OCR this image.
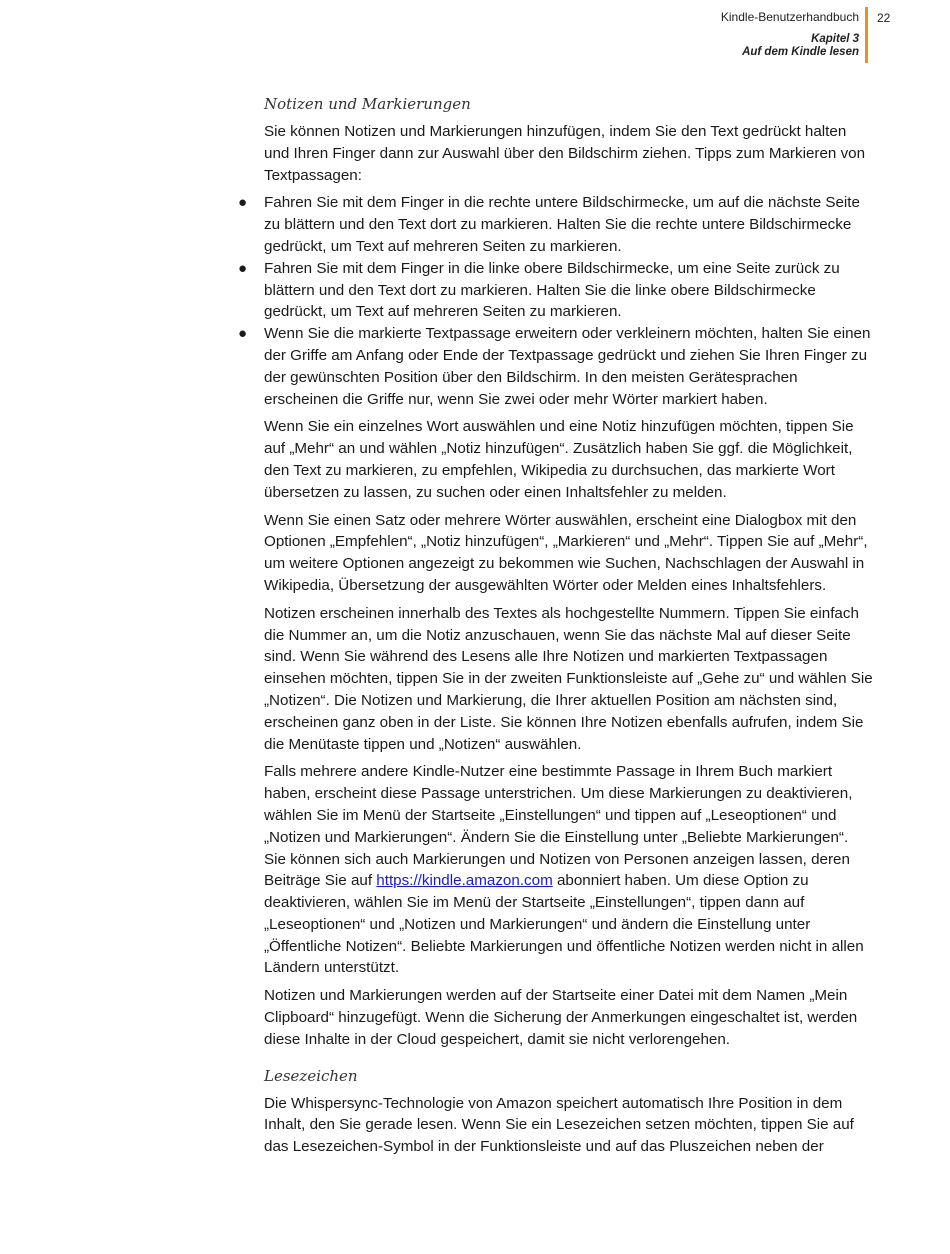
Kindle-Benutzerhandbuch
Kapitel 3
Auf dem Kindle lesen
22
Notizen und Markierungen

Sie können Notizen und Markierungen hinzufügen, indem Sie den Text gedrückt halten und Ihren Finger dann zur Auswahl über den Bildschirm ziehen. Tipps zum Markieren von Textpassagen:

● Fahren Sie mit dem Finger in die rechte untere Bildschirmecke, um auf die nächste Seite zu blättern und den Text dort zu markieren. Halten Sie die rechte untere Bildschirmecke gedrückt, um Text auf mehreren Seiten zu markieren.
● Fahren Sie mit dem Finger in die linke obere Bildschirmecke, um eine Seite zurück zu blättern und den Text dort zu markieren. Halten Sie die linke obere Bildschirmecke gedrückt, um Text auf mehreren Seiten zu markieren.
● Wenn Sie die markierte Textpassage erweitern oder verkleinern möchten, halten Sie einen der Griffe am Anfang oder Ende der Textpassage gedrückt und ziehen Sie Ihren Finger zu der gewünschten Position über den Bildschirm. In den meisten Gerätesprachen erscheinen die Griffe nur, wenn Sie zwei oder mehr Wörter markiert haben.

Wenn Sie ein einzelnes Wort auswählen und eine Notiz hinzufügen möchten, tippen Sie auf „Mehr“ an und wählen „Notiz hinzufügen“. Zusätzlich haben Sie ggf. die Möglichkeit, den Text zu markieren, zu empfehlen, Wikipedia zu durchsuchen, das markierte Wort übersetzen zu lassen, zu suchen oder einen Inhaltsfehler zu melden.

Wenn Sie einen Satz oder mehrere Wörter auswählen, erscheint eine Dialogbox mit den Optionen „Empfehlen“, „Notiz hinzufügen“, „Markieren“ und „Mehr“. Tippen Sie auf „Mehr“, um weitere Optionen angezeigt zu bekommen wie Suchen, Nachschlagen der Auswahl in Wikipedia, Übersetzung der ausgewählten Wörter oder Melden eines Inhaltsfehlers.

Notizen erscheinen innerhalb des Textes als hochgestellte Nummern. Tippen Sie einfach die Nummer an, um die Notiz anzuschauen, wenn Sie das nächste Mal auf dieser Seite sind. Wenn Sie während des Lesens alle Ihre Notizen und markierten Textpassagen einsehen möchten, tippen Sie in der zweiten Funktionsleiste auf „Gehe zu“ und wählen Sie „Notizen“. Die Notizen und Markierung, die Ihrer aktuellen Position am nächsten sind, erscheinen ganz oben in der Liste. Sie können Ihre Notizen ebenfalls aufrufen, indem Sie die Menütaste tippen und „Notizen“ auswählen.

Falls mehrere andere Kindle-Nutzer eine bestimmte Passage in Ihrem Buch markiert haben, erscheint diese Passage unterstrichen. Um diese Markierungen zu deaktivieren, wählen Sie im Menü der Startseite „Einstellungen“ und tippen auf „Leseoptionen“ und „Notizen und Markierungen“. Ändern Sie die Einstellung unter „Beliebte Markierungen“. Sie können sich auch Markierungen und Notizen von Personen anzeigen lassen, deren Beiträge Sie auf https://kindle.amazon.com abonniert haben. Um diese Option zu deaktivieren, wählen Sie im Menü der Startseite „Einstellungen“, tippen dann auf „Leseoptionen“ und „Notizen und Markierungen“ und ändern die Einstellung unter „Öffentliche Notizen“. Beliebte Markierungen und öffentliche Notizen werden nicht in allen Ländern unterstützt.

Notizen und Markierungen werden auf der Startseite einer Datei mit dem Namen „Mein Clipboard“ hinzugefügt. Wenn die Sicherung der Anmerkungen eingeschaltet ist, werden diese Inhalte in der Cloud gespeichert, damit sie nicht verlorengehen.

Lesezeichen

Die Whispersync-Technologie von Amazon speichert automatisch Ihre Position in dem Inhalt, den Sie gerade lesen. Wenn Sie ein Lesezeichen setzen möchten, tippen Sie auf das Lesezeichen-Symbol in der Funktionsleiste und auf das Pluszeichen neben der
